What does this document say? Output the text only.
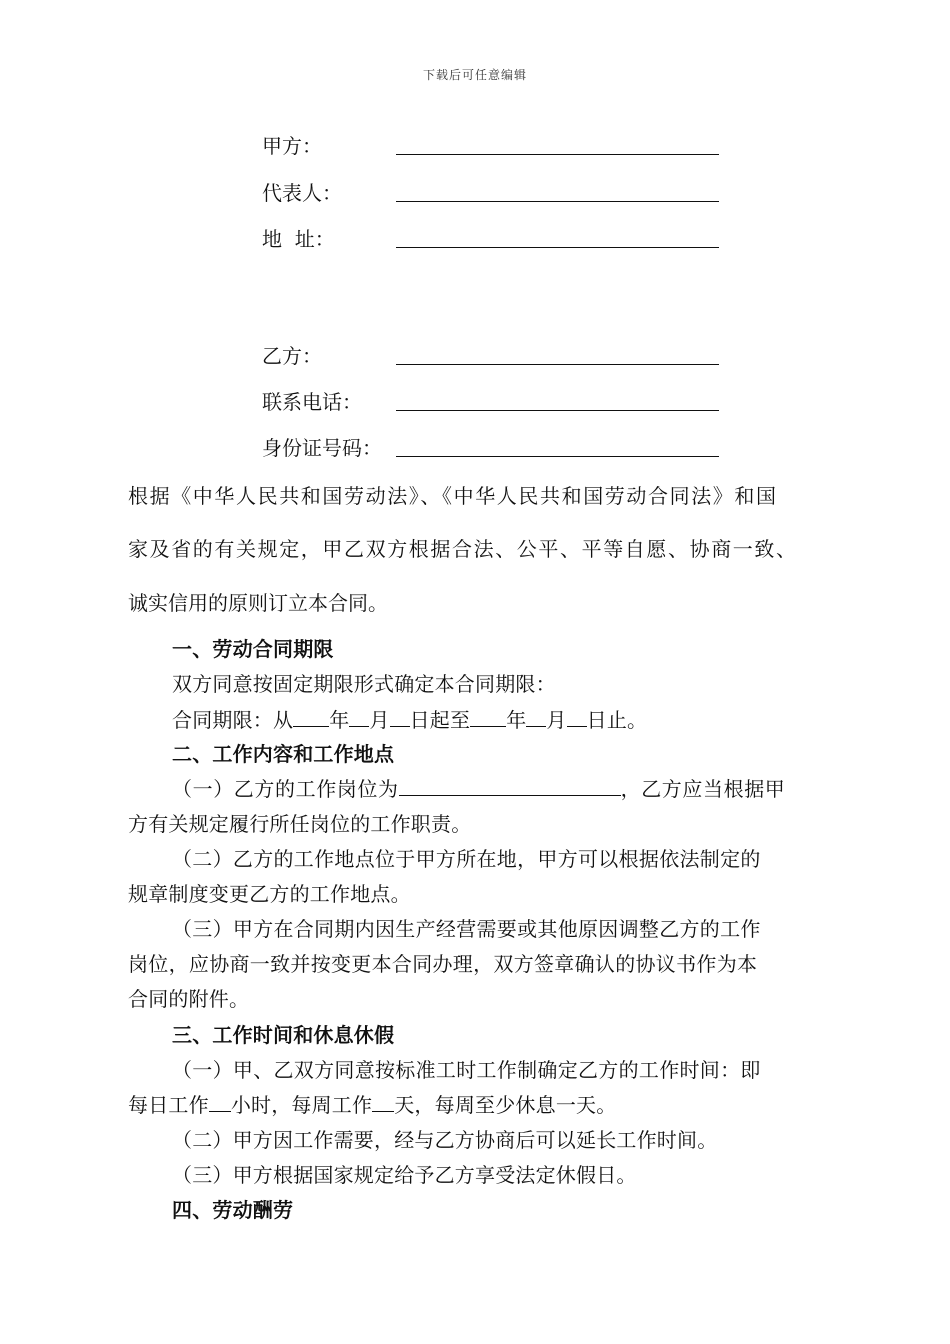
下载后可任意编辑
甲方：
代表人：
地  址：
乙方：
联系电话：
身份证号码：
根据《中华人民共和国劳动法》、《中华人民共和国劳动合同法》和国
家及省的有关规定，甲乙双方根据合法、公平、平等自愿、协商一致、
诚实信用的原则订立本合同。
一、劳动合同期限
双方同意按固定期限形式确定本合同期限：
合同期限：从 年 月 日起至 年 月 日止。
二、工作内容和工作地点
（一）乙方的工作岗位为	，乙方应当根据甲
方有关规定履行所任岗位的工作职责。
（二）乙方的工作地点位于甲方所在地，甲方可以根据依法制定的
规章制度变更乙方的工作地点。
（三）甲方在合同期内因生产经营需要或其他原因调整乙方的工作
岗位，应协商一致并按变更本合同办理，双方签章确认的协议书作为本
合同的附件。
三、工作时间和休息休假
（一）甲、乙双方同意按标准工时工作制确定乙方的工作时间：即
每日工作 小时，每周工作 天，每周至少休息一天。
（二）甲方因工作需要，经与乙方协商后可以延长工作时间。
（三）甲方根据国家规定给予乙方享受法定休假日。
四、劳动酬劳
